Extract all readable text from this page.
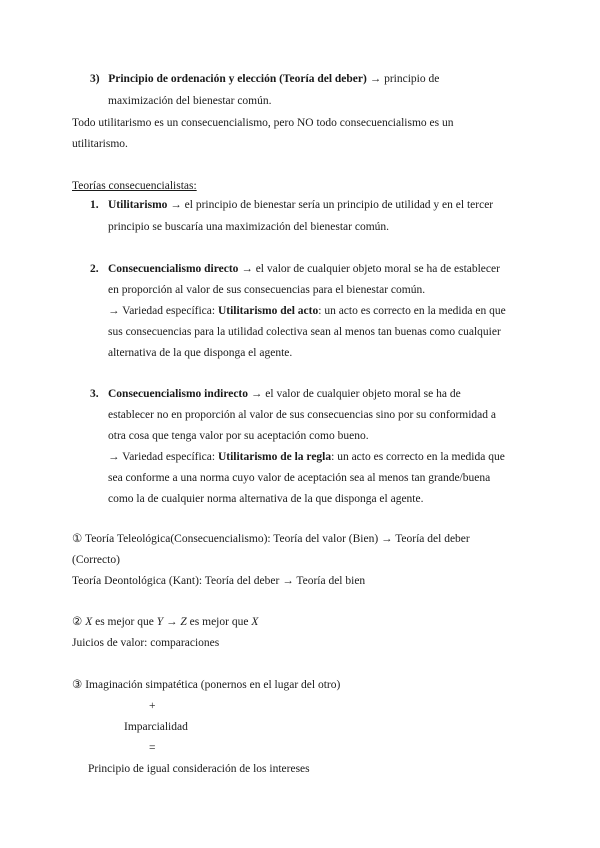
3) Principio de ordenación y elección (Teoría del deber) → principio de
maximización del bienestar común.
Todo utilitarismo es un consecuencialismo, pero NO todo consecuencialismo es un
utilitarismo.
Teorías consecuencialistas:
1. Utilitarismo → el principio de bienestar sería un principio de utilidad y en el tercer
principio se buscaría una maximización del bienestar común.
2. Consecuencialismo directo → el valor de cualquier objeto moral se ha de establecer
en proporción al valor de sus consecuencias para el bienestar común.
→ Variedad específica: Utilitarismo del acto: un acto es correcto en la medida en que
sus consecuencias para la utilidad colectiva sean al menos tan buenas como cualquier
alternativa de la que disponga el agente.
3. Consecuencialismo indirecto → el valor de cualquier objeto moral se ha de
establecer no en proporción al valor de sus consecuencias sino por su conformidad a
otra cosa que tenga valor por su aceptación como bueno.
→ Variedad específica: Utilitarismo de la regla: un acto es correcto en la medida que
sea conforme a una norma cuyo valor de aceptación sea al menos tan grande/buena
como la de cualquier norma alternativa de la que disponga el agente.
① Teoría Teleológica(Consecuencialismo): Teoría del valor (Bien) → Teoría del deber
(Correcto)
Teoría Deontológica (Kant): Teoría del deber → Teoría del bien
② X es mejor que Y → Z es mejor que X
Juicios de valor: comparaciones
③ Imaginación simpatética (ponernos en el lugar del otro)
+
Imparcialidad
=
Principio de igual consideración de los intereses
